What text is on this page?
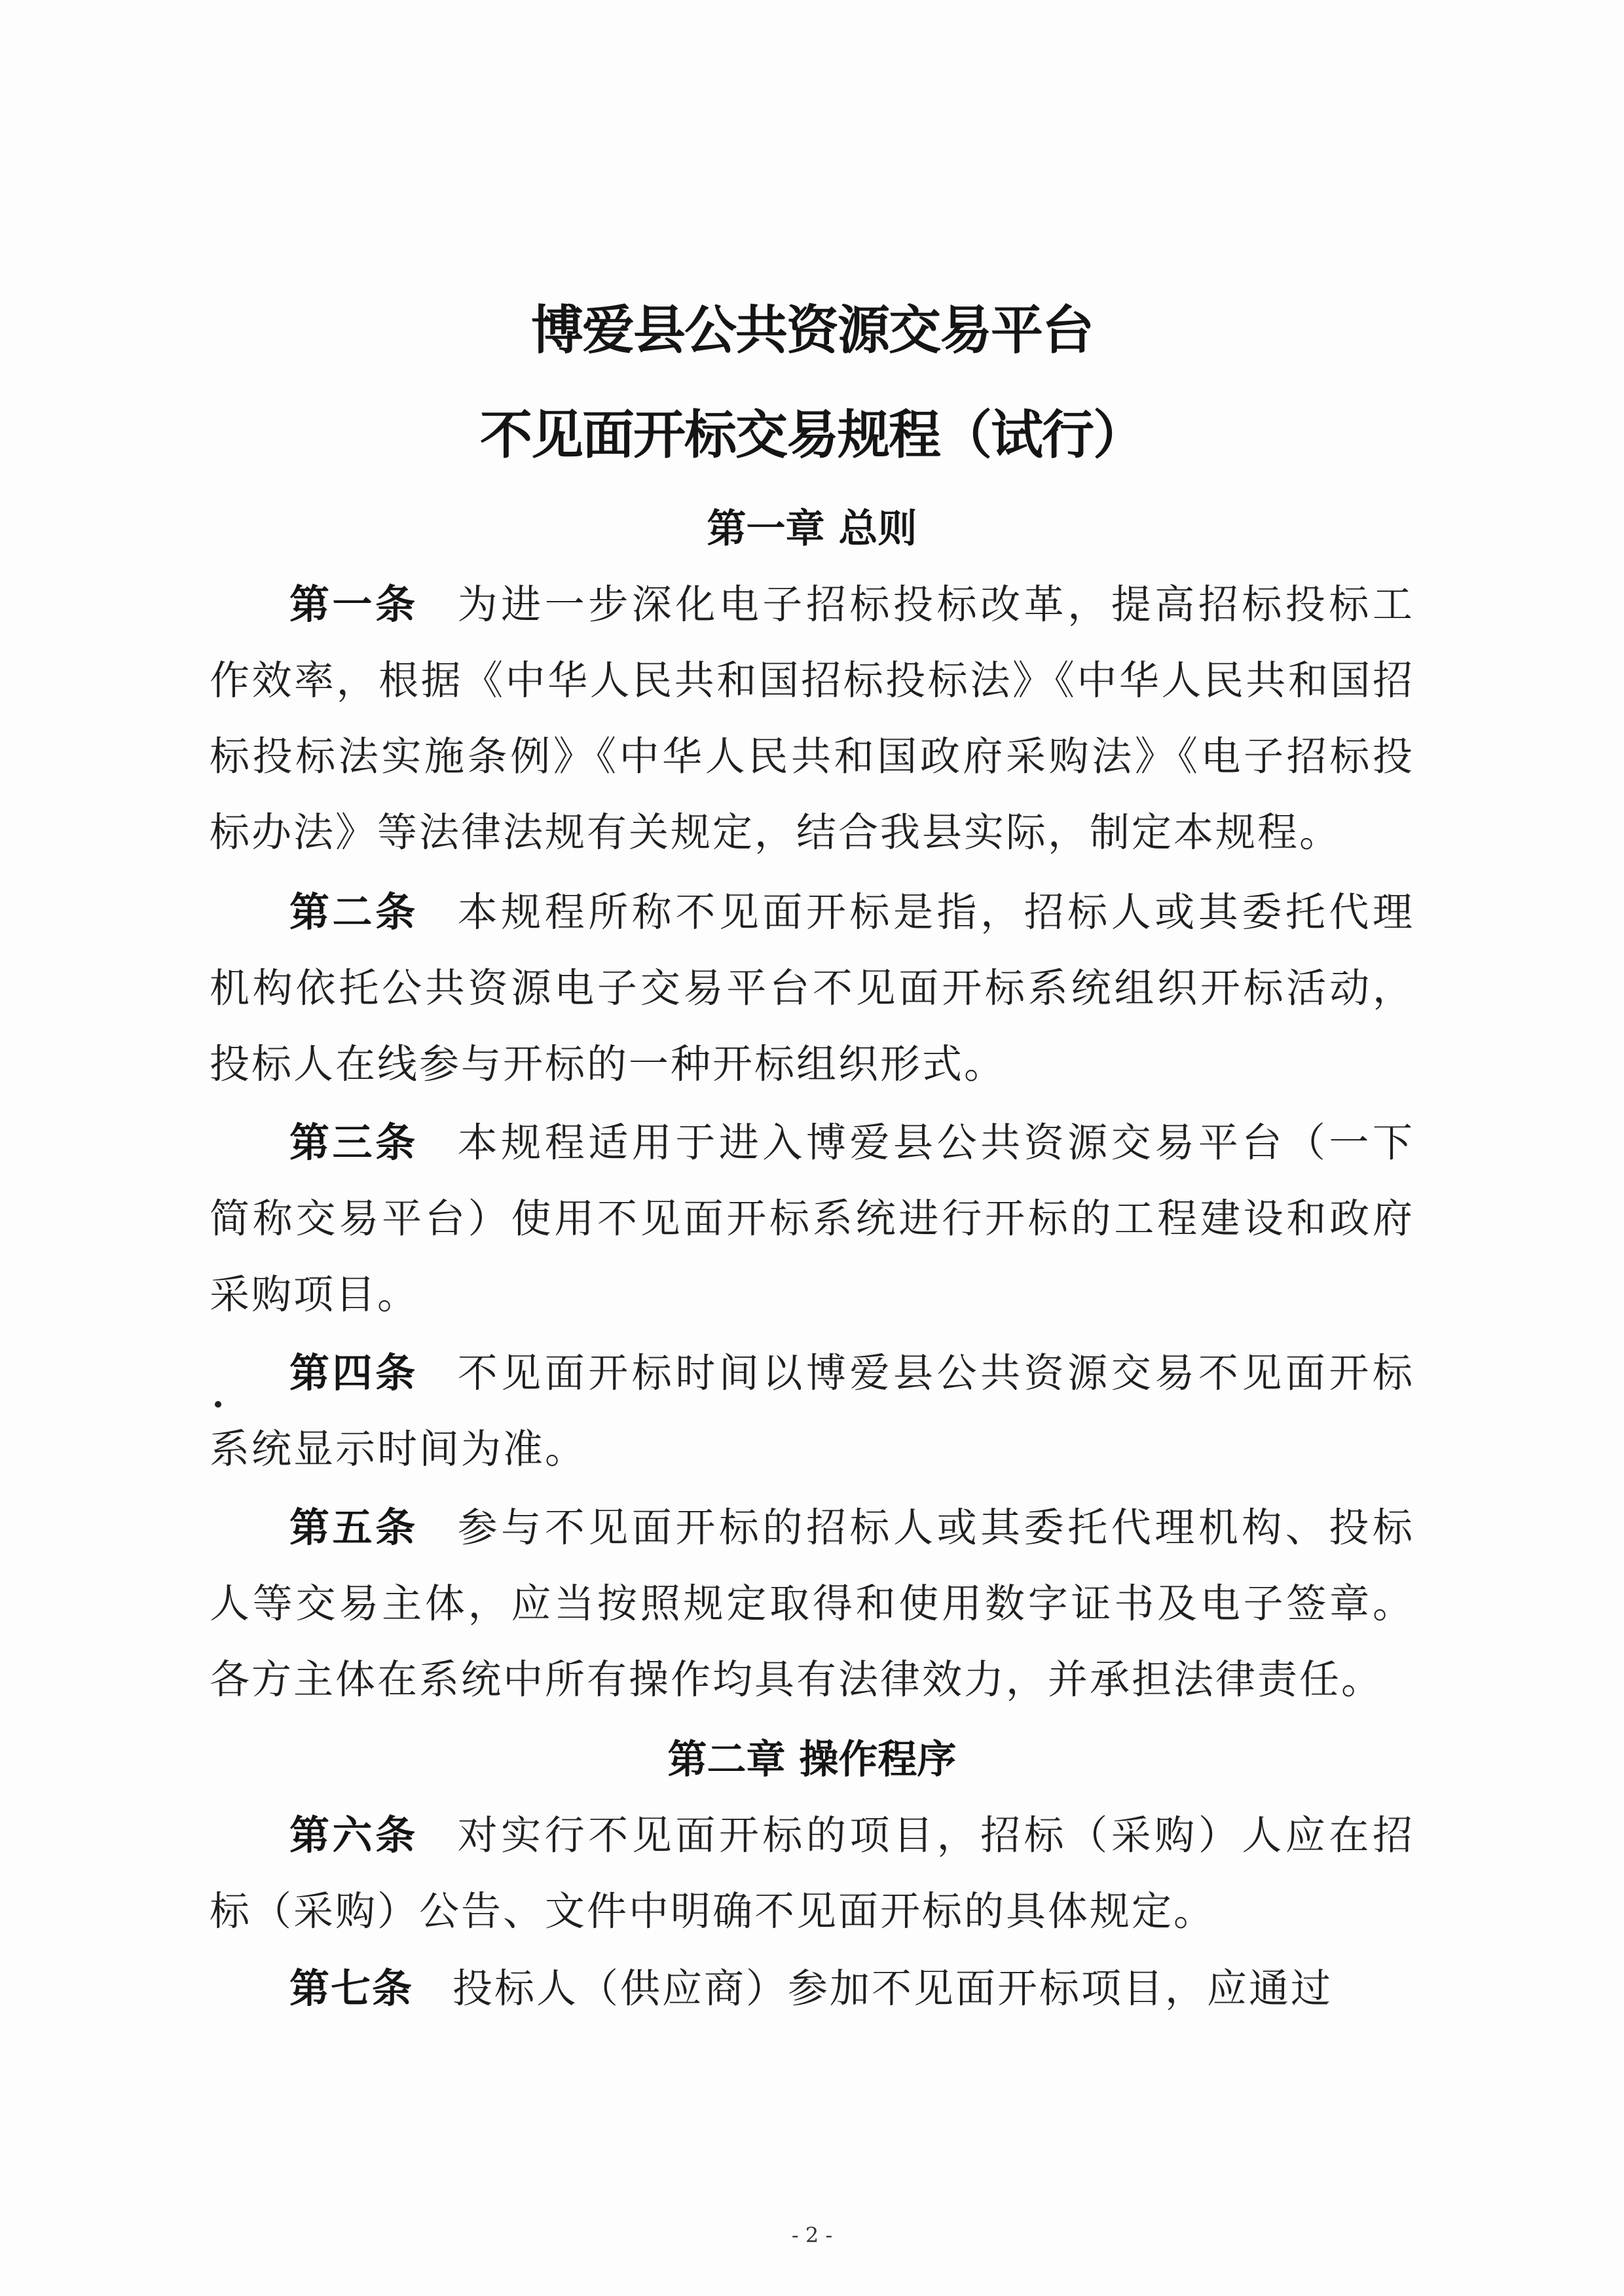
博爱县公共资源交易平台
不见面开标交易规程（试行）
第一章 总则
第一条 为进一步深化电子招标投标改革，提高招标投标工作效率，根据《中华人民共和国招标投标法》《中华人民共和国招标投标法实施条例》《中华人民共和国政府采购法》《电子招标投标办法》等法律法规有关规定，结合我县实际，制定本规程。
第二条 本规程所称不见面开标是指，招标人或其委托代理机构依托公共资源电子交易平台不见面开标系统组织开标活动，投标人在线参与开标的一种开标组织形式。
第三条 本规程适用于进入博爱县公共资源交易平台（一下简称交易平台）使用不见面开标系统进行开标的工程建设和政府采购项目。
第四条 不见面开标时间以博爱县公共资源交易不见面开标系统显示时间为准。
第五条 参与不见面开标的招标人或其委托代理机构、投标人等交易主体，应当按照规定取得和使用数字证书及电子签章。各方主体在系统中所有操作均具有法律效力，并承担法律责任。
第二章 操作程序
第六条 对实行不见面开标的项目，招标（采购）人应在招标（采购）公告、文件中明确不见面开标的具体规定。
第七条 投标人（供应商）参加不见面开标项目，应通过
- 2 -
